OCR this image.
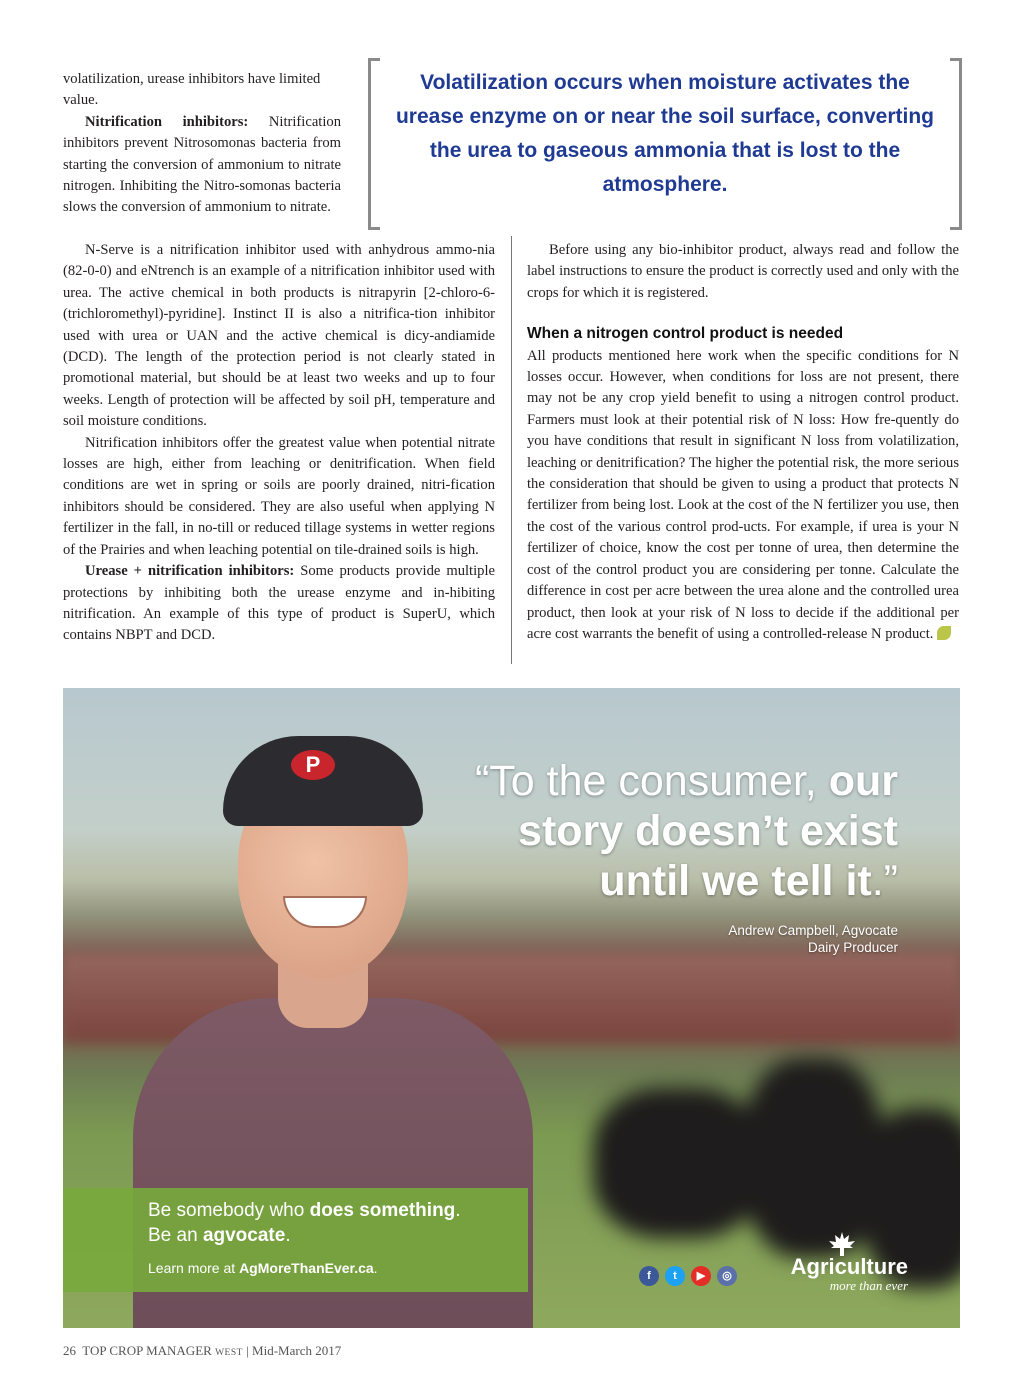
volatilization, urease inhibitors have limited value.

Nitrification inhibitors: Nitrification inhibitors prevent Nitrosomonas bacteria from starting the conversion of ammonium to nitrate nitrogen. Inhibiting the Nitro-somonas bacteria slows the conversion of ammonium to nitrate.

Volatilization occurs when moisture activates the urease enzyme on or near the soil surface, converting the urea to gaseous ammonia that is lost to the atmosphere.

N-Serve is a nitrification inhibitor used with anhydrous ammo-nia (82-0-0) and eNtrench is an example of a nitrification inhibitor used with urea. The active chemical in both products is nitrapyrin [2-chloro-6-(trichloromethyl)-pyridine]. Instinct II is also a nitrifica-tion inhibitor used with urea or UAN and the active chemical is dicy-andiamide (DCD). The length of the protection period is not clearly stated in promotional material, but should be at least two weeks and up to four weeks. Length of protection will be affected by soil pH, temperature and soil moisture conditions.

Nitrification inhibitors offer the greatest value when potential nitrate losses are high, either from leaching or denitrification. When field conditions are wet in spring or soils are poorly drained, nitri-fication inhibitors should be considered. They are also useful when applying N fertilizer in the fall, in no-till or reduced tillage systems in wetter regions of the Prairies and when leaching potential on tile-drained soils is high.

Urease + nitrification inhibitors: Some products provide multiple protections by inhibiting both the urease enzyme and in-hibiting nitrification. An example of this type of product is SuperU, which contains NBPT and DCD.

Before using any bio-inhibitor product, always read and follow the label instructions to ensure the product is correctly used and only with the crops for which it is registered.

When a nitrogen control product is needed

All products mentioned here work when the specific conditions for N losses occur. However, when conditions for loss are not present, there may not be any crop yield benefit to using a nitrogen control product. Farmers must look at their potential risk of N loss: How fre-quently do you have conditions that result in significant N loss from volatilization, leaching or denitrification? The higher the potential risk, the more serious the consideration that should be given to using a product that protects N fertilizer from being lost. Look at the cost of the N fertilizer you use, then the cost of the various control prod-ucts. For example, if urea is your N fertilizer of choice, know the cost per tonne of urea, then determine the cost of the control product you are considering per tonne. Calculate the difference in cost per acre between the urea alone and the controlled urea product, then look at your risk of N loss to decide if the additional per acre cost warrants the benefit of using a controlled-release N product.

P	“To the consumer, our
story doesn’t exist
until we tell it.”
Andrew Campbell, Agvocate
Dairy Producer
Be somebody who does something.
Be an agvocate.
Learn more at AgMoreThanEver.ca.	f	t	▶	◎	Agriculture
more than ever
26 TOP CROP MANAGER WEST | Mid-March 2017
